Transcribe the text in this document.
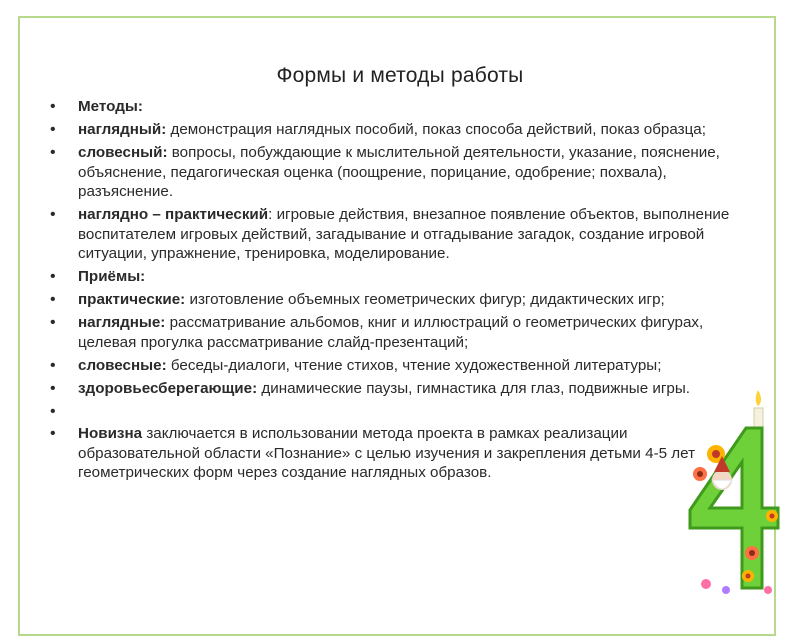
Формы и методы работы
• Методы:
• наглядный: демонстрация наглядных пособий, показ способа действий, показ образца;
• словесный: вопросы, побуждающие к мыслительной деятельности, указание, пояснение, объяснение, педагогическая оценка (поощрение, порицание, одобрение; похвала), разъяснение.
• наглядно – практический: игровые действия, внезапное появление объектов, выполнение воспитателем игровых действий, загадывание и отгадывание загадок, создание игровой ситуации, упражнение, тренировка, моделирование.
• Приёмы:
• практические: изготовление объемных геометрических фигур; дидактических игр;
• наглядные: рассматривание альбомов, книг и иллюстраций о геометрических фигурах, целевая прогулка рассматривание слайд-презентаций;
• словесные: беседы-диалоги, чтение стихов, чтение художественной литературы;
• здоровьесберегающие: динамические паузы, гимнастика для глаз, подвижные игры.
•
• Новизна заключается в использовании метода проекта в рамках реализации образовательной области «Познание» с целью изучения и закрепления детьми 4-5 лет геометрических форм через создание наглядных образов.
